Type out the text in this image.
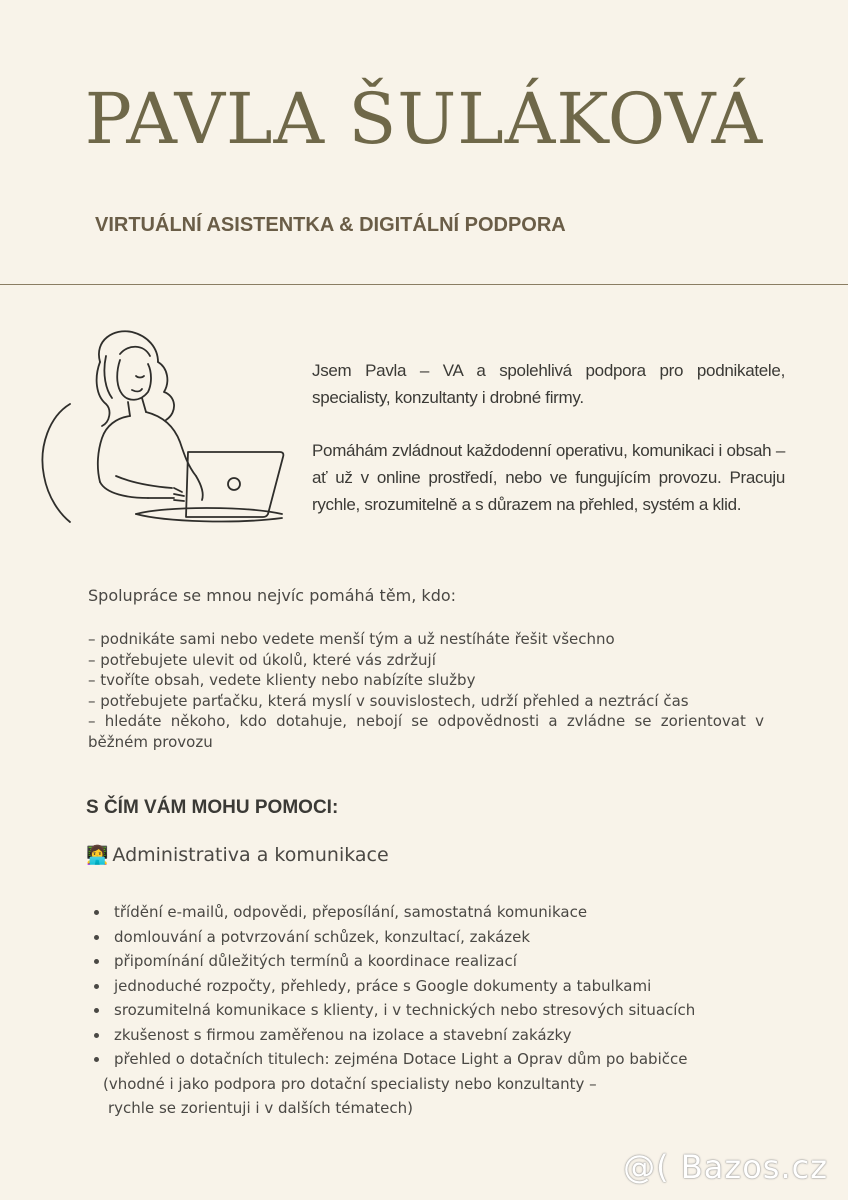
PAVLA ŠULÁKOVÁ
VIRTUÁLNÍ ASISTENTKA & DIGITÁLNÍ PODPORA

Jsem Pavla – VA a spolehlivá podpora pro podnikatele, specialisty, konzultanty i drobné firmy.

Pomáhám zvládnout každodenní operativu, komunikaci i obsah – ať už v online prostředí, nebo ve fungujícím provozu. Pracuju rychle, srozumitelně a s důrazem na přehled, systém a klid.

Spolupráce se mnou nejvíc pomáhá těm, kdo:

– podnikáte sami nebo vedete menší tým a už nestíháte řešit všechno
– potřebujete ulevit od úkolů, které vás zdržují
– tvoříte obsah, vedete klienty nebo nabízíte služby
– potřebujete parťačku, která myslí v souvislostech, udrží přehled a neztrácí čas
– hledáte někoho, kdo dotahuje, nebojí se odpovědnosti a zvládne se zorientovat v běžném provozu
S ČÍM VÁM MOHU POMOCI:
👩‍💻 Administrativa a komunikace
třídění e-mailů, odpovědi, přeposílání, samostatná komunikace
domlouvání a potvrzování schůzek, konzultací, zakázek
připomínání důležitých termínů a koordinace realizací
jednoduché rozpočty, přehledy, práce s Google dokumenty a tabulkami
srozumitelná komunikace s klienty, i v technických nebo stresových situacích
zkušenost s firmou zaměřenou na izolace a stavební zakázky
přehled o dotačních titulech: zejména Dotace Light a Oprav dům po babičce
(vhodné i jako podpora pro dotační specialisty nebo konzultanty –
rychle se zorientuji i v dalších tématech)
@( Bazos.cz
